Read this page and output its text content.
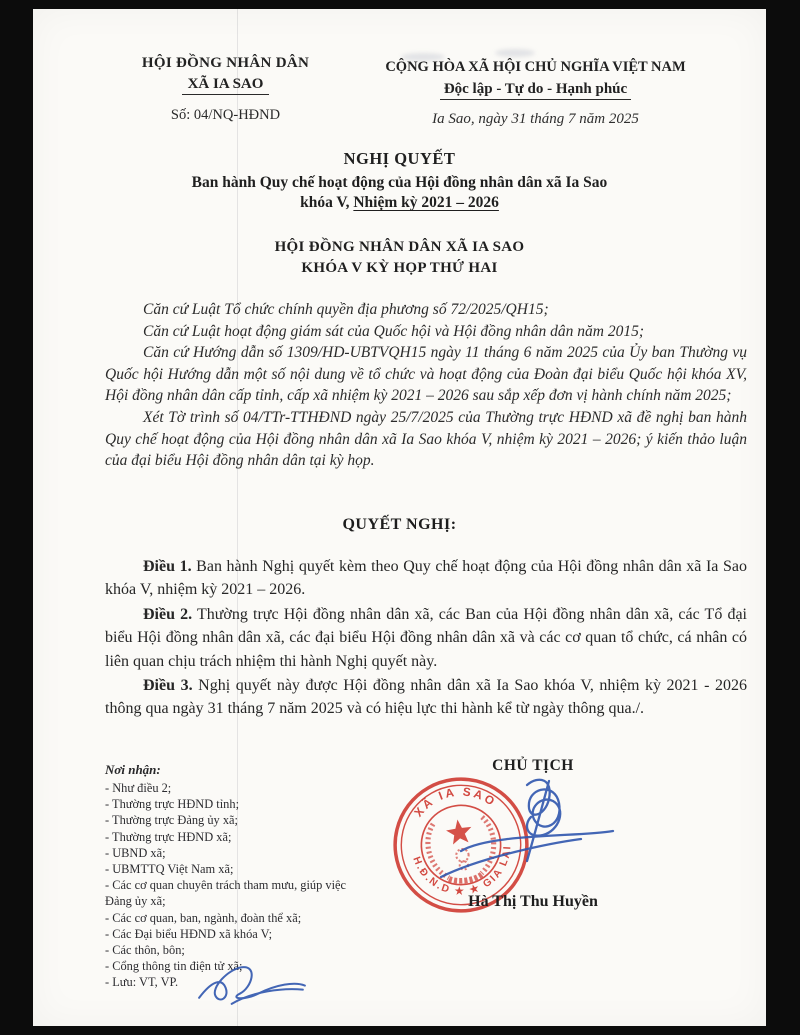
HỘI ĐỒNG NHÂN DÂN
XÃ IA SAO
Số: 04/NQ-HĐND
CỘNG HÒA XÃ HỘI CHỦ NGHĨA VIỆT NAM
Độc lập - Tự do - Hạnh phúc
Ia Sao, ngày 31 tháng 7 năm 2025
NGHỊ QUYẾT
Ban hành Quy chế hoạt động của Hội đồng nhân dân xã Ia Sao
khóa V, Nhiệm kỳ 2021 – 2026
HỘI ĐỒNG NHÂN DÂN XÃ IA SAO
KHÓA V KỲ HỌP THỨ HAI

Căn cứ Luật Tổ chức chính quyền địa phương số 72/2025/QH15;

Căn cứ Luật hoạt động giám sát của Quốc hội và Hội đồng nhân dân năm 2015;

Căn cứ Hướng dẫn số 1309/HD-UBTVQH15 ngày 11 tháng 6 năm 2025 của Ủy ban Thường vụ Quốc hội Hướng dẫn một số nội dung về tổ chức và hoạt động của Đoàn đại biểu Quốc hội khóa XV, Hội đồng nhân dân cấp tỉnh, cấp xã nhiệm kỳ 2021 – 2026 sau sắp xếp đơn vị hành chính năm 2025;

Xét Tờ trình số 04/TTr-TTHĐND ngày 25/7/2025 của Thường trực HĐND xã đề nghị ban hành Quy chế hoạt động của Hội đồng nhân dân xã Ia Sao khóa V, nhiệm kỳ 2021 – 2026; ý kiến thảo luận của đại biểu Hội đồng nhân dân tại kỳ họp.

QUYẾT NGHỊ:

Điều 1. Ban hành Nghị quyết kèm theo Quy chế hoạt động của Hội đồng nhân dân xã Ia Sao khóa V, nhiệm kỳ 2021 – 2026.

Điều 2. Thường trực Hội đồng nhân dân xã, các Ban của Hội đồng nhân dân xã, các Tổ đại biểu Hội đồng nhân dân xã, các đại biểu Hội đồng nhân dân xã và các cơ quan tổ chức, cá nhân có liên quan chịu trách nhiệm thi hành Nghị quyết này.

Điều 3. Nghị quyết này được Hội đồng nhân dân xã Ia Sao khóa V, nhiệm kỳ 2021 - 2026 thông qua ngày 31 tháng 7 năm 2025 và có hiệu lực thi hành kể từ ngày thông qua./.

Nơi nhận:
- Như điều 2;
- Thường trực HĐND tỉnh;
- Thường trực Đảng ủy xã;
- Thường trực HĐND xã;
- UBND xã;
- UBMTTQ Việt Nam xã;
- Các cơ quan chuyên trách tham mưu, giúp việc Đảng ủy xã;
- Các cơ quan, ban, ngành, đoàn thể xã;
- Các Đại biểu HĐND xã khóa V;
- Các thôn, bôn;
- Cổng thông tin điện tử xã;
- Lưu: VT, VP.
CHỦ TỊCH
XÃ IA SAO
H.Đ.N.D ★ ★ GIA LAI
Hà Thị Thu Huyền
